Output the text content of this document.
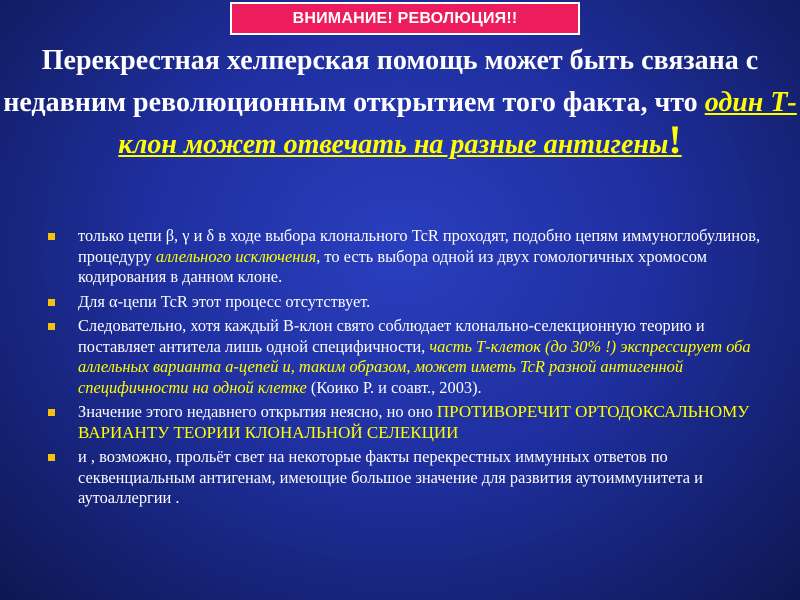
ВНИМАНИЕ! РЕВОЛЮЦИЯ!!
Перекрестная хелперская помощь может быть связана с недавним революционным открытием того факта, что один Т-клон может отвечать на разные антигены!
только цепи β, γ и δ в ходе выбора клонального TcR проходят, подобно цепям иммуноглобулинов, процедуру аллельного исключения, то есть выбора одной из двух гомологичных хромосом кодирования в данном клоне.
Для α-цепи TcR этот процесс отсутствует.
Следовательно, хотя каждый В-клон свято соблюдает клонально-селекционную теорию и поставляет антитела лишь одной специфичности, часть Т-клеток (до 30% !) экспрессирует оба аллельных варианта а-цепей и, таким образом, может иметь TcR разной антигенной специфичности на одной клетке (Коико Р. и соавт., 2003).
Значение этого недавнего открытия неясно, но оно ПРОТИВОРЕЧИТ ОРТОДОКСАЛЬНОМУ ВАРИАНТУ ТЕОРИИ КЛОНАЛЬНОЙ СЕЛЕКЦИИ
и , возможно, прольёт свет на некоторые факты перекрестных иммунных ответов по секвенциальным антигенам, имеющие большое значение для развития аутоиммунитета и аутоаллергии .
